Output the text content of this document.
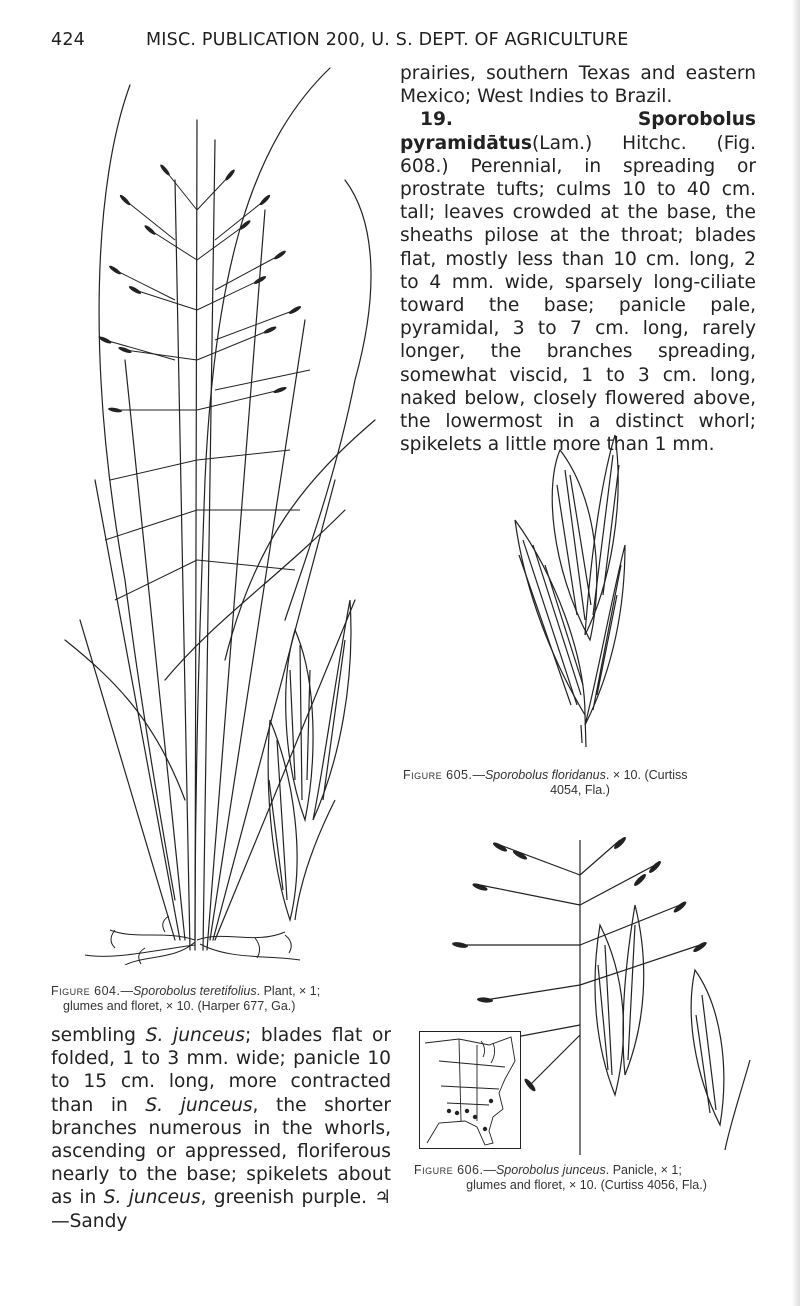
424	MISC. PUBLICATION 200, U. S. DEPT. OF AGRICULTURE
Figure 604.—Sporobolus teretifolius. Plant, × 1;
glumes and floret, × 10. (Harper 677, Ga.)
sembling S. junceus; blades flat or folded, 1 to 3 mm. wide; panicle 10 to 15 cm. long, more contracted than in S. junceus, the shorter branches numerous in the whorls, ascending or appressed, floriferous nearly to the base; spikelets about as in S. junceus, greenish purple. ♃ —Sandy
prairies, southern Texas and eastern Mexico; West Indies to Brazil.
19.	Sporobolus pyramidātus(Lam.) Hitchc. (Fig. 608.) Perennial, in spreading or prostrate tufts; culms 10 to 40 cm. tall; leaves crowded at the base, the sheaths pilose at the throat; blades flat, mostly less than 10 cm. long, 2 to 4 mm. wide, sparsely long-ciliate toward the base; panicle pale, pyramidal, 3 to 7 cm. long, rarely longer, the branches spreading, somewhat viscid, 1 to 3 cm. long, naked below, closely flowered above, the lowermost in a distinct whorl; spikelets a little more than 1 mm.
Figure 605.—Sporobolus floridanus. × 10. (Curtiss
4054, Fla.)
Figure 606.—Sporobolus junceus. Panicle, × 1;
glumes and floret, × 10. (Curtiss 4056, Fla.)
